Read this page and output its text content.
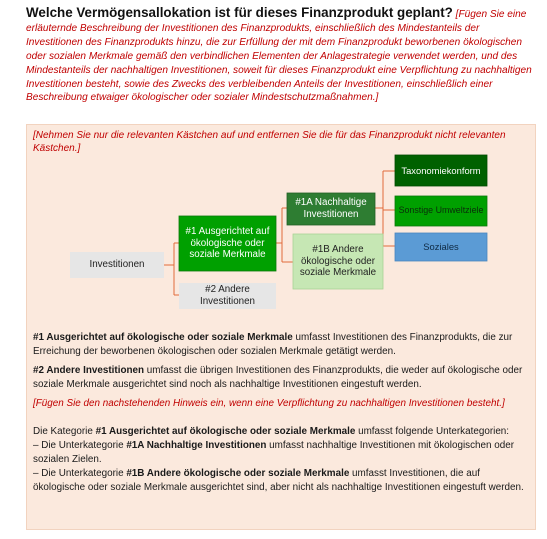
Welche Vermögensallokation ist für dieses Finanzprodukt geplant? [Fügen Sie eine erläuternde Beschreibung der Investitionen des Finanzprodukts, einschließlich des Mindestanteils der Investitionen des Finanzprodukts hinzu, die zur Erfüllung der mit dem Finanzprodukt beworbenen ökologischen oder sozialen Merkmale gemäß den verbindlichen Elementen der Anlagestrategie verwendet werden, und des Mindestanteils der nachhaltigen Investitionen, soweit für dieses Finanzprodukt eine Verpflichtung zu nachhaltigen Investitionen besteht, sowie des Zwecks des verbleibenden Anteils der Investitionen, einschließlich einer Beschreibung etwaiger ökologischer oder sozialer Mindestschutzmaßnahmen.]
[Nehmen Sie nur die relevanten Kästchen auf und entfernen Sie die für das Finanzprodukt nicht relevanten Kästchen.]
Investitionen
#1 Ausgerichtet auf ökologische oder soziale Merkmale
#2 Andere Investitionen
#1A Nachhaltige Investitionen
#1B Andere ökologische oder soziale Merkmale
Taxonomiekonform
Sonstige Umweltziele
Soziales
#1 Ausgerichtet auf ökologische oder soziale Merkmale umfasst Investitionen des Finanzprodukts, die zur Erreichung der beworbenen ökologischen oder sozialen Merkmale getätigt werden.
#2 Andere Investitionen umfasst die übrigen Investitionen des Finanzprodukts, die weder auf ökologische oder soziale Merkmale ausgerichtet sind noch als nachhaltige Investitionen eingestuft werden.
[Fügen Sie den nachstehenden Hinweis ein, wenn eine Verpflichtung zu nachhaltigen Investitionen besteht.]
Die Kategorie #1 Ausgerichtet auf ökologische oder soziale Merkmale umfasst folgende Unterkategorien:
– Die Unterkategorie #1A Nachhaltige Investitionen umfasst nachhaltige Investitionen mit ökologischen oder sozialen Zielen.
– Die Unterkategorie #1B Andere ökologische oder soziale Merkmale umfasst Investitionen, die auf ökologische oder soziale Merkmale ausgerichtet sind, aber nicht als nachhaltige Investitionen eingestuft werden.
